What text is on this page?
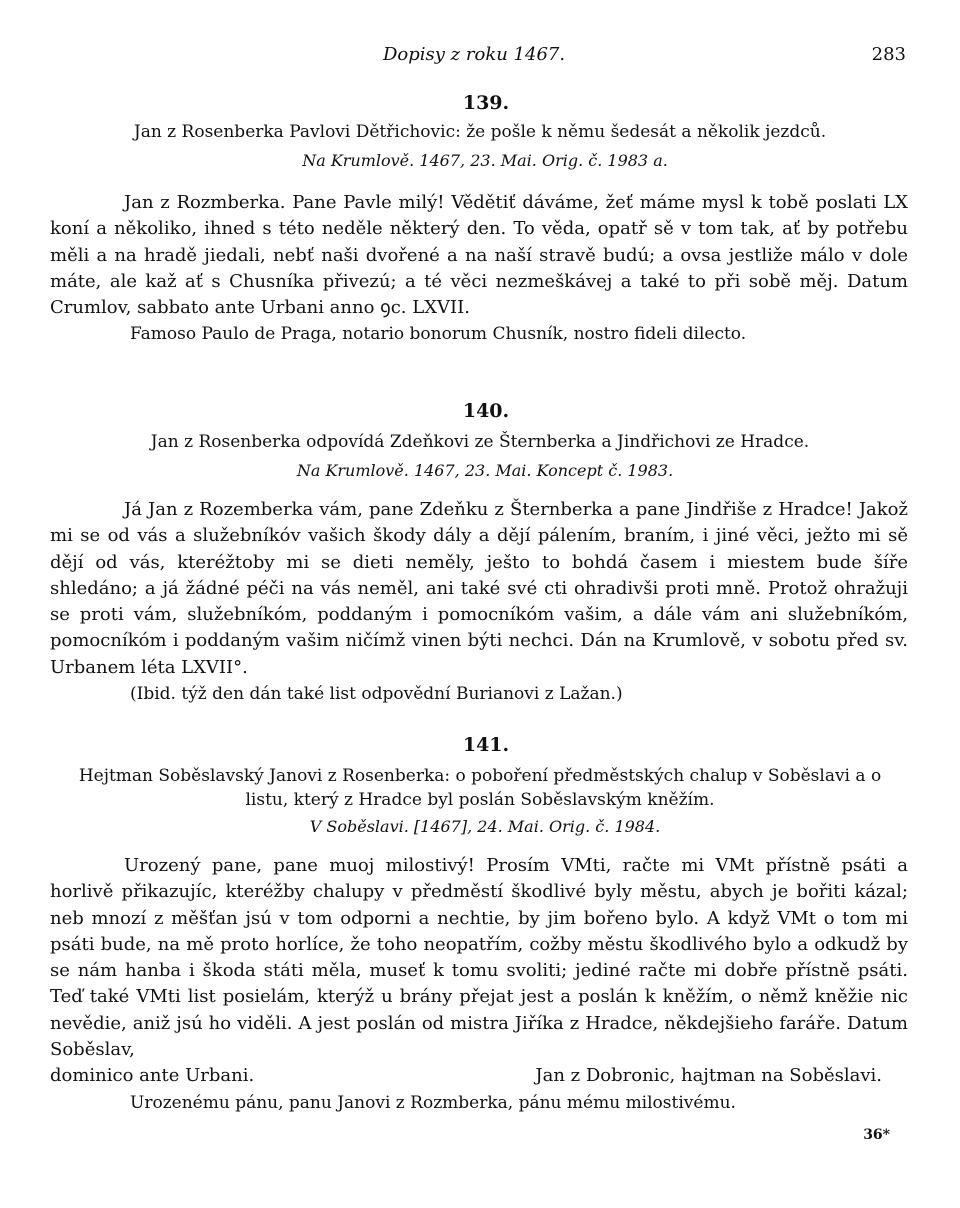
Dopisy z roku 1467.	283
139.
Jan z Rosenberka Pavlovi Dětřichovic: že pošle k němu šedesát a několik jezdců.
Na Krumlově. 1467, 23. Mai. Orig. č. 1983 a.
Jan z Rozmberka. Pane Pavle milý! Vědětiť dáváme, žeť máme mysl k tobě poslati LX koní a několiko, ihned s této neděle některý den. To věda, opatř sě v tom tak, ať by potřebu měli a na hradě jiedali, nebť naši dvořené a na naší stravě budú; a ovsa jestliže málo v dole máte, ale kaž ať s Chusníka přivezú; a té věci nezmeškávej a také to při sobě měj. Datum Crumlov, sabbato ante Urbani anno ꝯc. LXVII.
Famoso Paulo de Praga, notario bonorum Chusník, nostro fideli dilecto.
140.
Jan z Rosenberka odpovídá Zdeňkovi ze Šternberka a Jindřichovi ze Hradce.
Na Krumlově. 1467, 23. Mai. Koncept č. 1983.
Já Jan z Rozemberka vám, pane Zdeňku z Šternberka a pane Jindřiše z Hradce! Jakož mi se od vás a služebníkóv vašich škody dály a dějí pálením, braním, i jiné věci, ježto mi sě dějí od vás, kteréžtoby mi se dieti neměly, ješto to bohdá časem i miestem bude šíře shledáno; a já žádné péči na vás neměl, ani také své cti ohradivši proti mně. Protož ohražuji se proti vám, služebníkóm, poddaným i pomocníkóm vašim, a dále vám ani služebníkóm, pomocníkóm i poddaným vašim ničímž vinen býti nechci. Dán na Krumlově, v sobotu před sv. Urbanem léta LXVII°.
(Ibid. týž den dán také list odpovědní Burianovi z Lažan.)
141.
Hejtman Soběslavský Janovi z Rosenberka: o poboření předměstských chalup v Soběslavi a o listu, který z Hradce byl poslán Soběslavským kněžím.
V Soběslavi. [1467], 24. Mai. Orig. č. 1984.
Urozený pane, pane muoj milostivý! Prosím VMti, račte mi VMt přístně psáti a horlivě přikazujíc, kteréžby chalupy v předměstí škodlivé byly městu, abych je bořiti kázal; neb mnozí z měšťan jsú v tom odporni a nechtie, by jim bořeno bylo. A když VMt o tom mi psáti bude, na mě proto horlíce, že toho neopatřím, cožby městu škodlivého bylo a odkudž by se nám hanba i škoda státi měla, museť k tomu svoliti; jediné račte mi dobře přístně psáti. Teď také VMti list posielám, kterýž u brány přejat jest a poslán k kněžím, o němž kněžie nic nevědie, aniž jsú ho viděli. A jest poslán od mistra Jiříka z Hradce, někdejšieho faráře. Datum Soběslav,
dominico ante Urbani.	Jan z Dobronic, hajtman na Soběslavi.
Urozenému pánu, panu Janovi z Rozmberka, pánu mému milostivému.
36*
